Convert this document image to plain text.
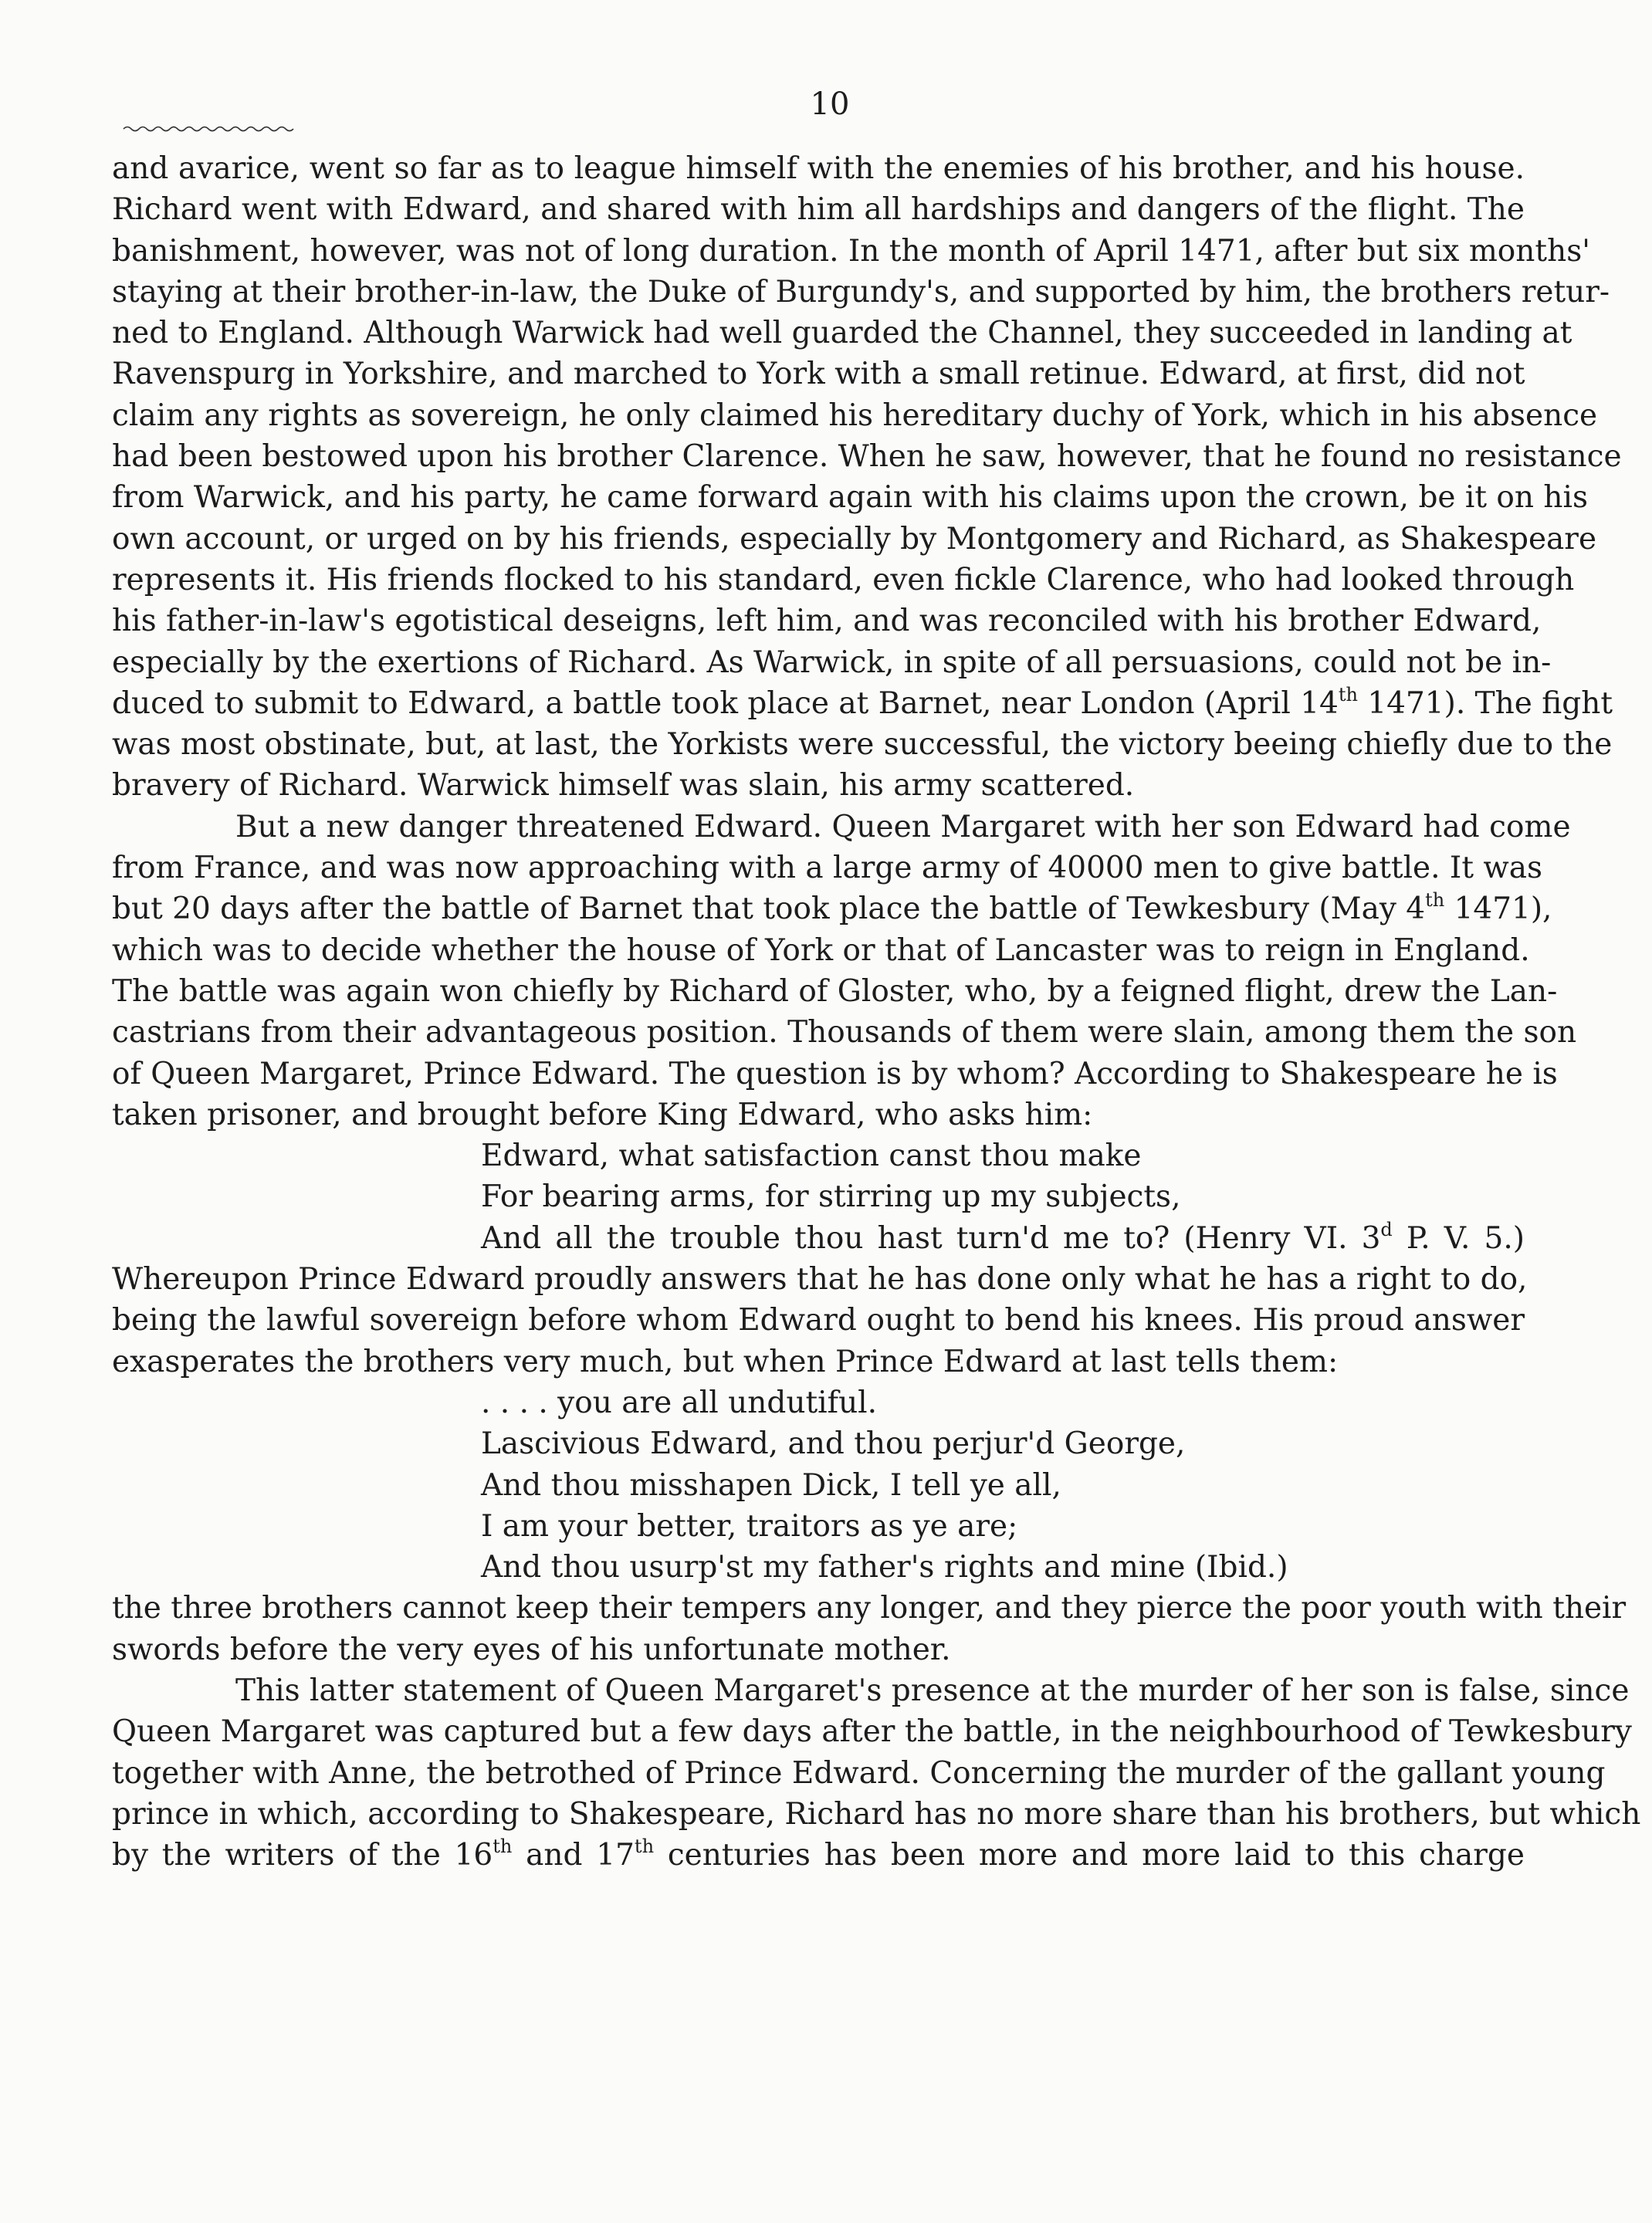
10
and avarice, went so far as to league himself with the enemies of his brother, and his house.
Richard went with Edward, and shared with him all hardships and dangers of the flight. The
banishment, however, was not of long duration. In the month of April 1471, after but six months'
staying at their brother-in-law, the Duke of Burgundy's, and supported by him, the brothers retur-
ned to England. Although Warwick had well guarded the Channel, they succeeded in landing at
Ravenspurg in Yorkshire, and marched to York with a small retinue. Edward, at first, did not
claim any rights as sovereign, he only claimed his hereditary duchy of York, which in his absence
had been bestowed upon his brother Clarence. When he saw, however, that he found no resistance
from Warwick, and his party, he came forward again with his claims upon the crown, be it on his
own account, or urged on by his friends, especially by Montgomery and Richard, as Shakespeare
represents it. His friends flocked to his standard, even fickle Clarence, who had looked through
his father-in-law's egotistical deseigns, left him, and was reconciled with his brother Edward,
especially by the exertions of Richard. As Warwick, in spite of all persuasions, could not be in-
duced to submit to Edward, a battle took place at Barnet, near London (April 14th 1471). The fight
was most obstinate, but, at last, the Yorkists were successful, the victory beeing chiefly due to the
bravery of Richard. Warwick himself was slain, his army scattered.
But a new danger threatened Edward. Queen Margaret with her son Edward had come
from France, and was now approaching with a large army of 40000 men to give battle. It was
but 20 days after the battle of Barnet that took place the battle of Tewkesbury (May 4th 1471),
which was to decide whether the house of York or that of Lancaster was to reign in England.
The battle was again won chiefly by Richard of Gloster, who, by a feigned flight, drew the Lan-
castrians from their advantageous position. Thousands of them were slain, among them the son
of Queen Margaret, Prince Edward. The question is by whom? According to Shakespeare he is
taken prisoner, and brought before King Edward, who asks him:
Edward, what satisfaction canst thou make
For bearing arms, for stirring up my subjects,
And all the trouble thou hast turn'd me to? (Henry VI. 3$^d$ P. V. 5.)
Whereupon Prince Edward proudly answers that he has done only what he has a right to do,
being the lawful sovereign before whom Edward ought to bend his knees. His proud answer
exasperates the brothers very much, but when Prince Edward at last tells them:
. . . . you are all undutiful.
Lascivious Edward, and thou perjur'd George,
And thou misshapen Dick, I tell ye all,
I am your better, traitors as ye are;
And thou usurp'st my father's rights and mine (Ibid.)
the three brothers cannot keep their tempers any longer, and they pierce the poor youth with their
swords before the very eyes of his unfortunate mother.
This latter statement of Queen Margaret's presence at the murder of her son is false, since
Queen Margaret was captured but a few days after the battle, in the neighbourhood of Tewkesbury
together with Anne, the betrothed of Prince Edward. Concerning the murder of the gallant young
prince in which, according to Shakespeare, Richard has no more share than his brothers, but which
by the writers of the 16th and 17th centuries has been more and more laid to this charge
